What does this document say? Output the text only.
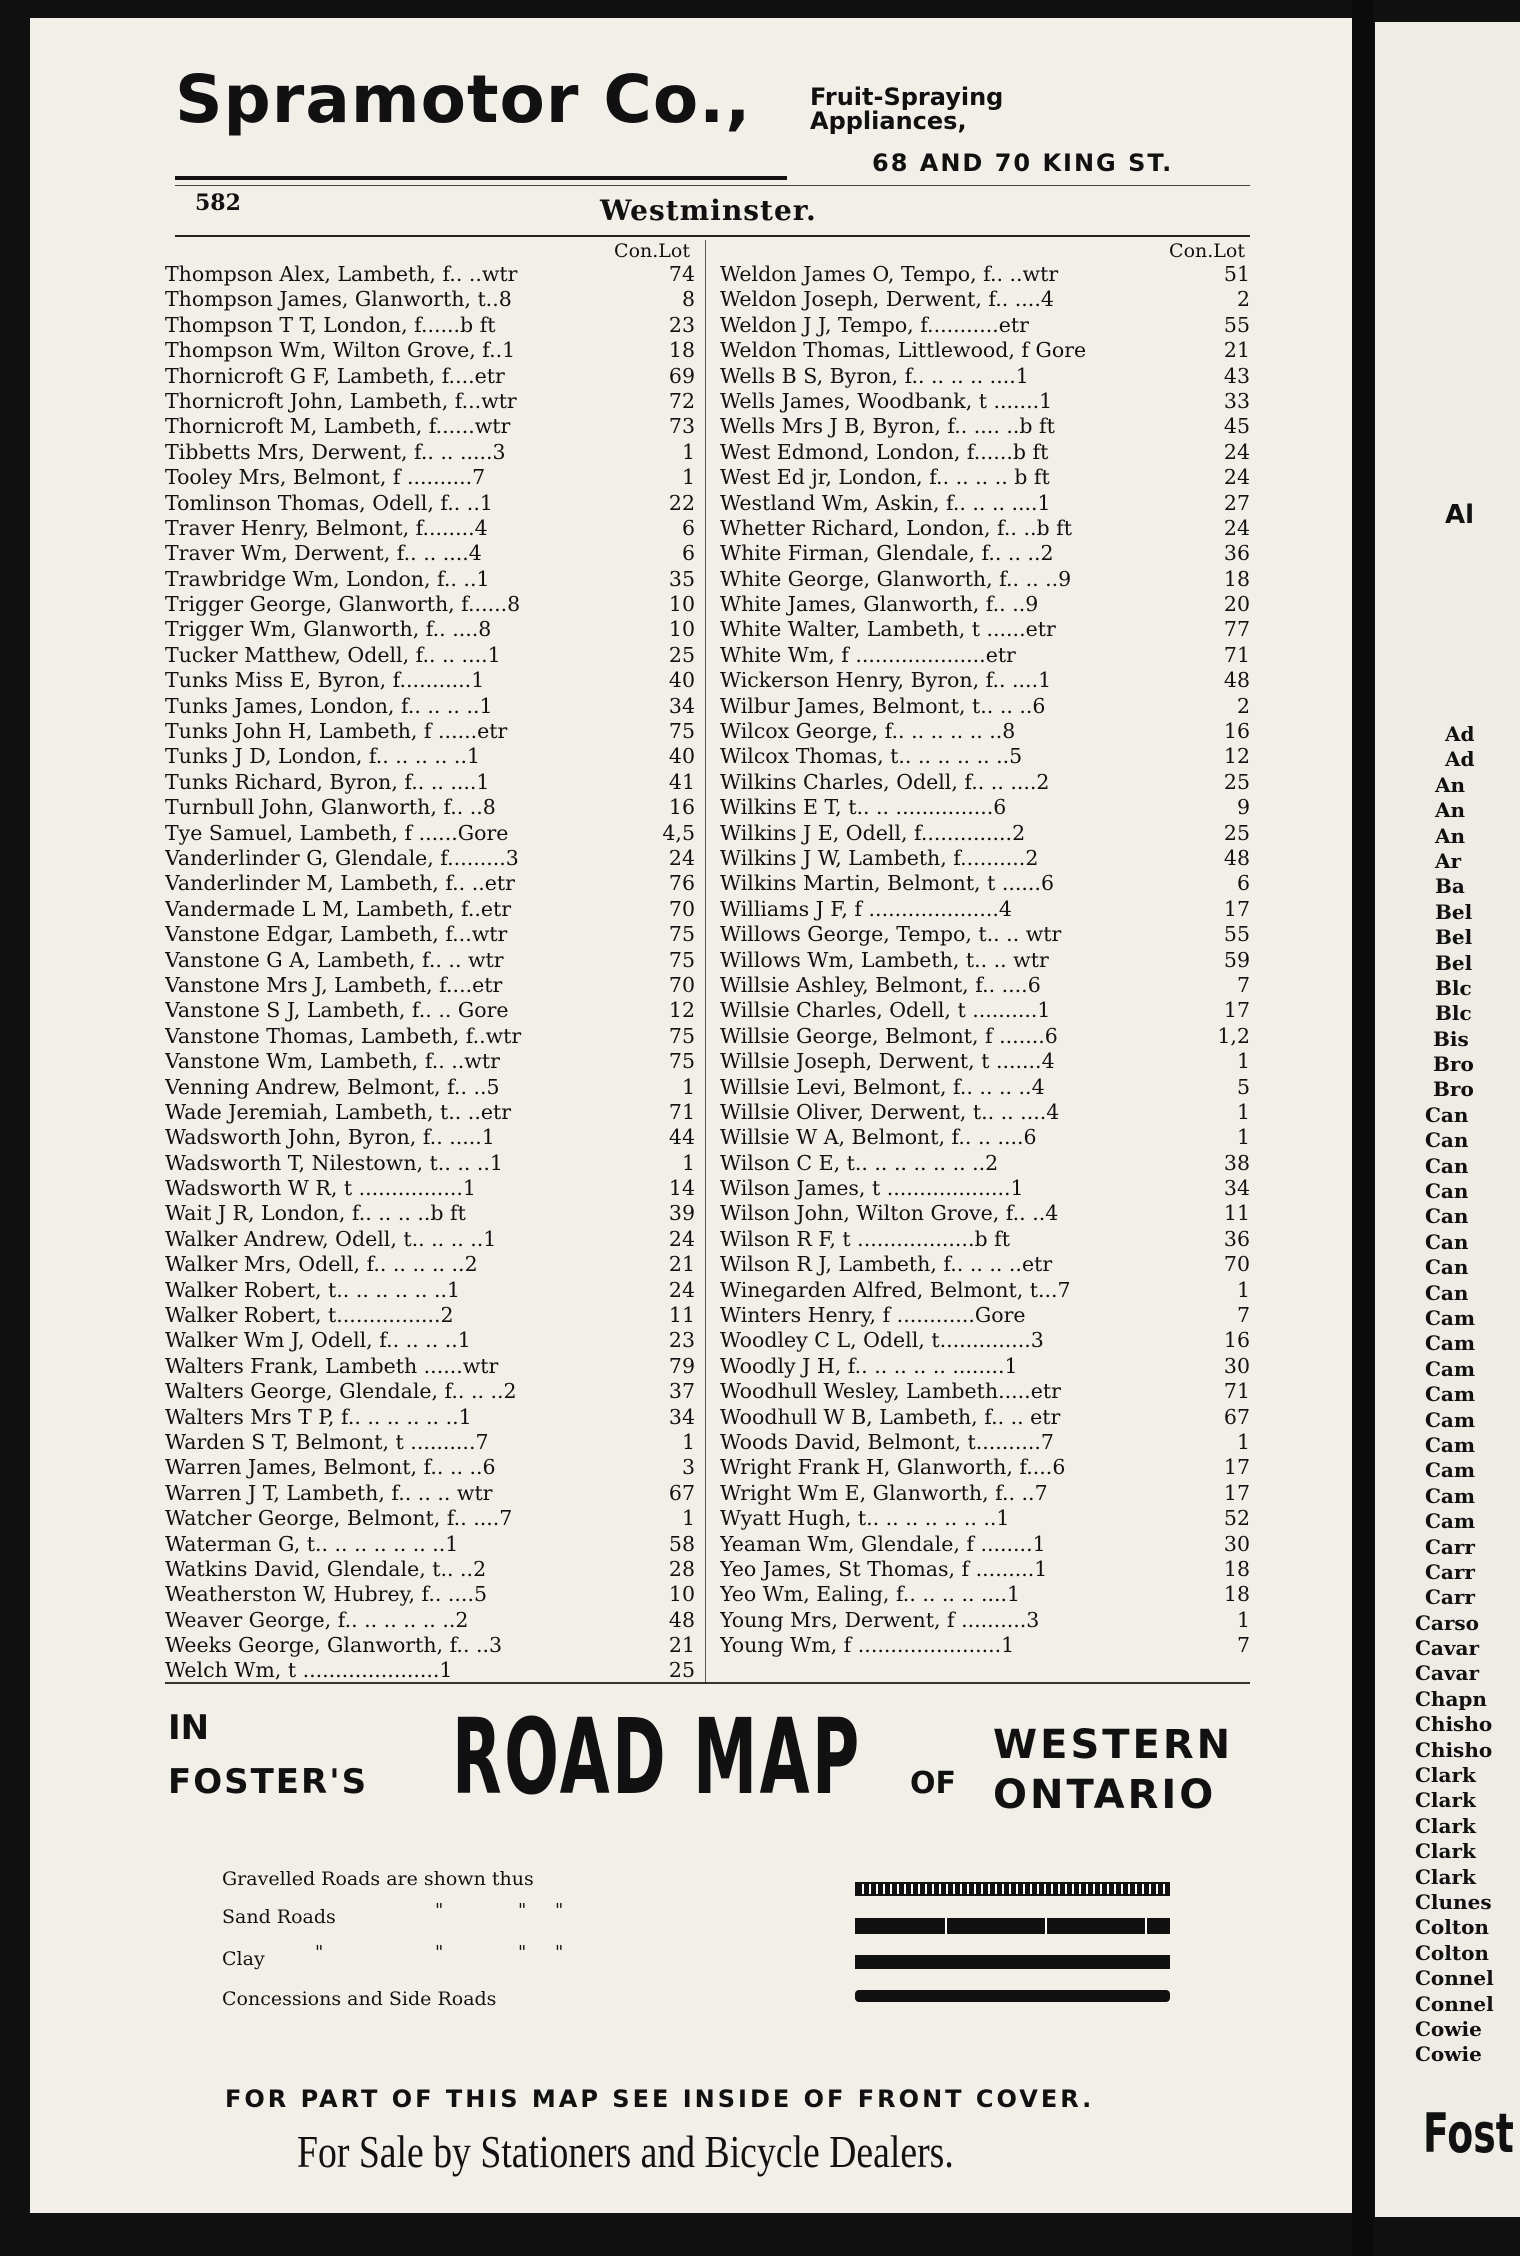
Spramotor Co., Fruit-Spraying
Appliances,
68 AND 70 KING ST.
582	Westminster.
Con.Lot
Thompson Alex, Lambeth, f.. ..wtr	74
Thompson James, Glanworth, t..8	8
Thompson T T, London, f......b ft	23
Thompson Wm, Wilton Grove, f..1	18
Thornicroft G F, Lambeth, f....etr	69
Thornicroft John, Lambeth, f...wtr	72
Thornicroft M, Lambeth, f......wtr	73
Tibbetts Mrs, Derwent, f.. .. .....3	1
Tooley Mrs, Belmont, f ..........7	1
Tomlinson Thomas, Odell, f.. ..1	22
Traver Henry, Belmont, f........4	6
Traver Wm, Derwent, f.. .. ....4	6
Trawbridge Wm, London, f.. ..1	35
Trigger George, Glanworth, f......8	10
Trigger Wm, Glanworth, f.. ....8	10
Tucker Matthew, Odell, f.. .. ....1	25
Tunks Miss E, Byron, f...........1	40
Tunks James, London, f.. .. .. ..1	34
Tunks John H, Lambeth, f ......etr	75
Tunks J D, London, f.. .. .. .. ..1	40
Tunks Richard, Byron, f.. .. ....1	41
Turnbull John, Glanworth, f.. ..8	16
Tye Samuel, Lambeth, f ......Gore	4,5
Vanderlinder G, Glendale, f.........3	24
Vanderlinder M, Lambeth, f.. ..etr	76
Vandermade L M, Lambeth, f..etr	70
Vanstone Edgar, Lambeth, f...wtr	75
Vanstone G A, Lambeth, f.. .. wtr	75
Vanstone Mrs J, Lambeth, f....etr	70
Vanstone S J, Lambeth, f.. .. Gore	12
Vanstone Thomas, Lambeth, f..wtr	75
Vanstone Wm, Lambeth, f.. ..wtr	75
Venning Andrew, Belmont, f.. ..5	1
Wade Jeremiah, Lambeth, t.. ..etr	71
Wadsworth John, Byron, f.. .....1	44
Wadsworth T, Nilestown, t.. .. ..1	1
Wadsworth W R, t ................1	14
Wait J R, London, f.. .. .. ..b ft	39
Walker Andrew, Odell, t.. .. .. ..1	24
Walker Mrs, Odell, f.. .. .. .. ..2	21
Walker Robert, t.. .. .. .. .. ..1	24
Walker Robert, t................2	11
Walker Wm J, Odell, f.. .. .. ..1	23
Walters Frank, Lambeth ......wtr	79
Walters George, Glendale, f.. .. ..2	37
Walters Mrs T P, f.. .. .. .. .. ..1	34
Warden S T, Belmont, t ..........7	1
Warren James, Belmont, f.. .. ..6	3
Warren J T, Lambeth, f.. .. .. wtr	67
Watcher George, Belmont, f.. ....7	1
Waterman G, t.. .. .. .. .. .. ..1	58
Watkins David, Glendale, t.. ..2	28
Weatherston W, Hubrey, f.. ....5	10
Weaver George, f.. .. .. .. .. ..2	48
Weeks George, Glanworth, f.. ..3	21
Welch Wm, t .....................1	25
Con.Lot
Weldon James O, Tempo, f.. ..wtr	51
Weldon Joseph, Derwent, f.. ....4	2
Weldon J J, Tempo, f...........etr	55
Weldon Thomas, Littlewood, f Gore	21
Wells B S, Byron, f.. .. .. .. ....1	43
Wells James, Woodbank, t .......1	33
Wells Mrs J B, Byron, f.. .... ..b ft	45
West Edmond, London, f......b ft	24
West Ed jr, London, f.. .. .. .. b ft	24
Westland Wm, Askin, f.. .. .. ....1	27
Whetter Richard, London, f.. ..b ft	24
White Firman, Glendale, f.. .. ..2	36
White George, Glanworth, f.. .. ..9	18
White James, Glanworth, f.. ..9	20
White Walter, Lambeth, t ......etr	77
White Wm, f ....................etr	71
Wickerson Henry, Byron, f.. ....1	48
Wilbur James, Belmont, t.. .. ..6	2
Wilcox George, f.. .. .. .. .. ..8	16
Wilcox Thomas, t.. .. .. .. .. ..5	12
Wilkins Charles, Odell, f.. .. ....2	25
Wilkins E T, t.. .. ...............6	9
Wilkins J E, Odell, f..............2	25
Wilkins J W, Lambeth, f..........2	48
Wilkins Martin, Belmont, t ......6	6
Williams J F, f ....................4	17
Willows George, Tempo, t.. .. wtr	55
Willows Wm, Lambeth, t.. .. wtr	59
Willsie Ashley, Belmont, f.. ....6	7
Willsie Charles, Odell, t ..........1	17
Willsie George, Belmont, f .......6	1,2
Willsie Joseph, Derwent, t .......4	1
Willsie Levi, Belmont, f.. .. .. ..4	5
Willsie Oliver, Derwent, t.. .. ....4	1
Willsie W A, Belmont, f.. .. ....6	1
Wilson C E, t.. .. .. .. .. .. ..2	38
Wilson James, t ...................1	34
Wilson John, Wilton Grove, f.. ..4	11
Wilson R F, t ..................b ft	36
Wilson R J, Lambeth, f.. .. .. ..etr	70
Winegarden Alfred, Belmont, t...7	1
Winters Henry, f ............Gore	7
Woodley C L, Odell, t..............3	16
Woodly J H, f.. .. .. .. .. ........1	30
Woodhull Wesley, Lambeth.....etr	71
Woodhull W B, Lambeth, f.. .. etr	67
Woods David, Belmont, t..........7	1
Wright Frank H, Glanworth, f....6	17
Wright Wm E, Glanworth, f.. ..7	17
Wyatt Hugh, t.. .. .. .. .. .. ..1	52
Yeaman Wm, Glendale, f ........1	30
Yeo James, St Thomas, f .........1	18
Yeo Wm, Ealing, f.. .. .. .. ....1	18
Young Mrs, Derwent, f ..........3	1
Young Wm, f ......................1	7
IN
FOSTER'S ROAD MAP OF
WESTERN
ONTARIO
Gravelled Roads are shown thus
Sand Roads	"	" "
Clay	"	"	" "
Concessions and Side Roads
FOR PART OF THIS MAP SEE INSIDE OF FRONT COVER.
For Sale by Stationers and Bicycle Dealers.
Al
Ad
Ad
An
An
An
Ar
Ba
Bel
Bel
Bel
Blc
Blc
Bis
Bro
Bro
Can
Can
Can
Can
Can
Can
Can
Can
Cam
Cam
Cam
Cam
Cam
Cam
Cam
Cam
Cam
Carr
Carr
Carr
Carso
Cavar
Cavar
Chapn
Chisho
Chisho
Clark
Clark
Clark
Clark
Clark
Clunes
Colton
Colton
Connel
Connel
Cowie
Cowie
Fost
